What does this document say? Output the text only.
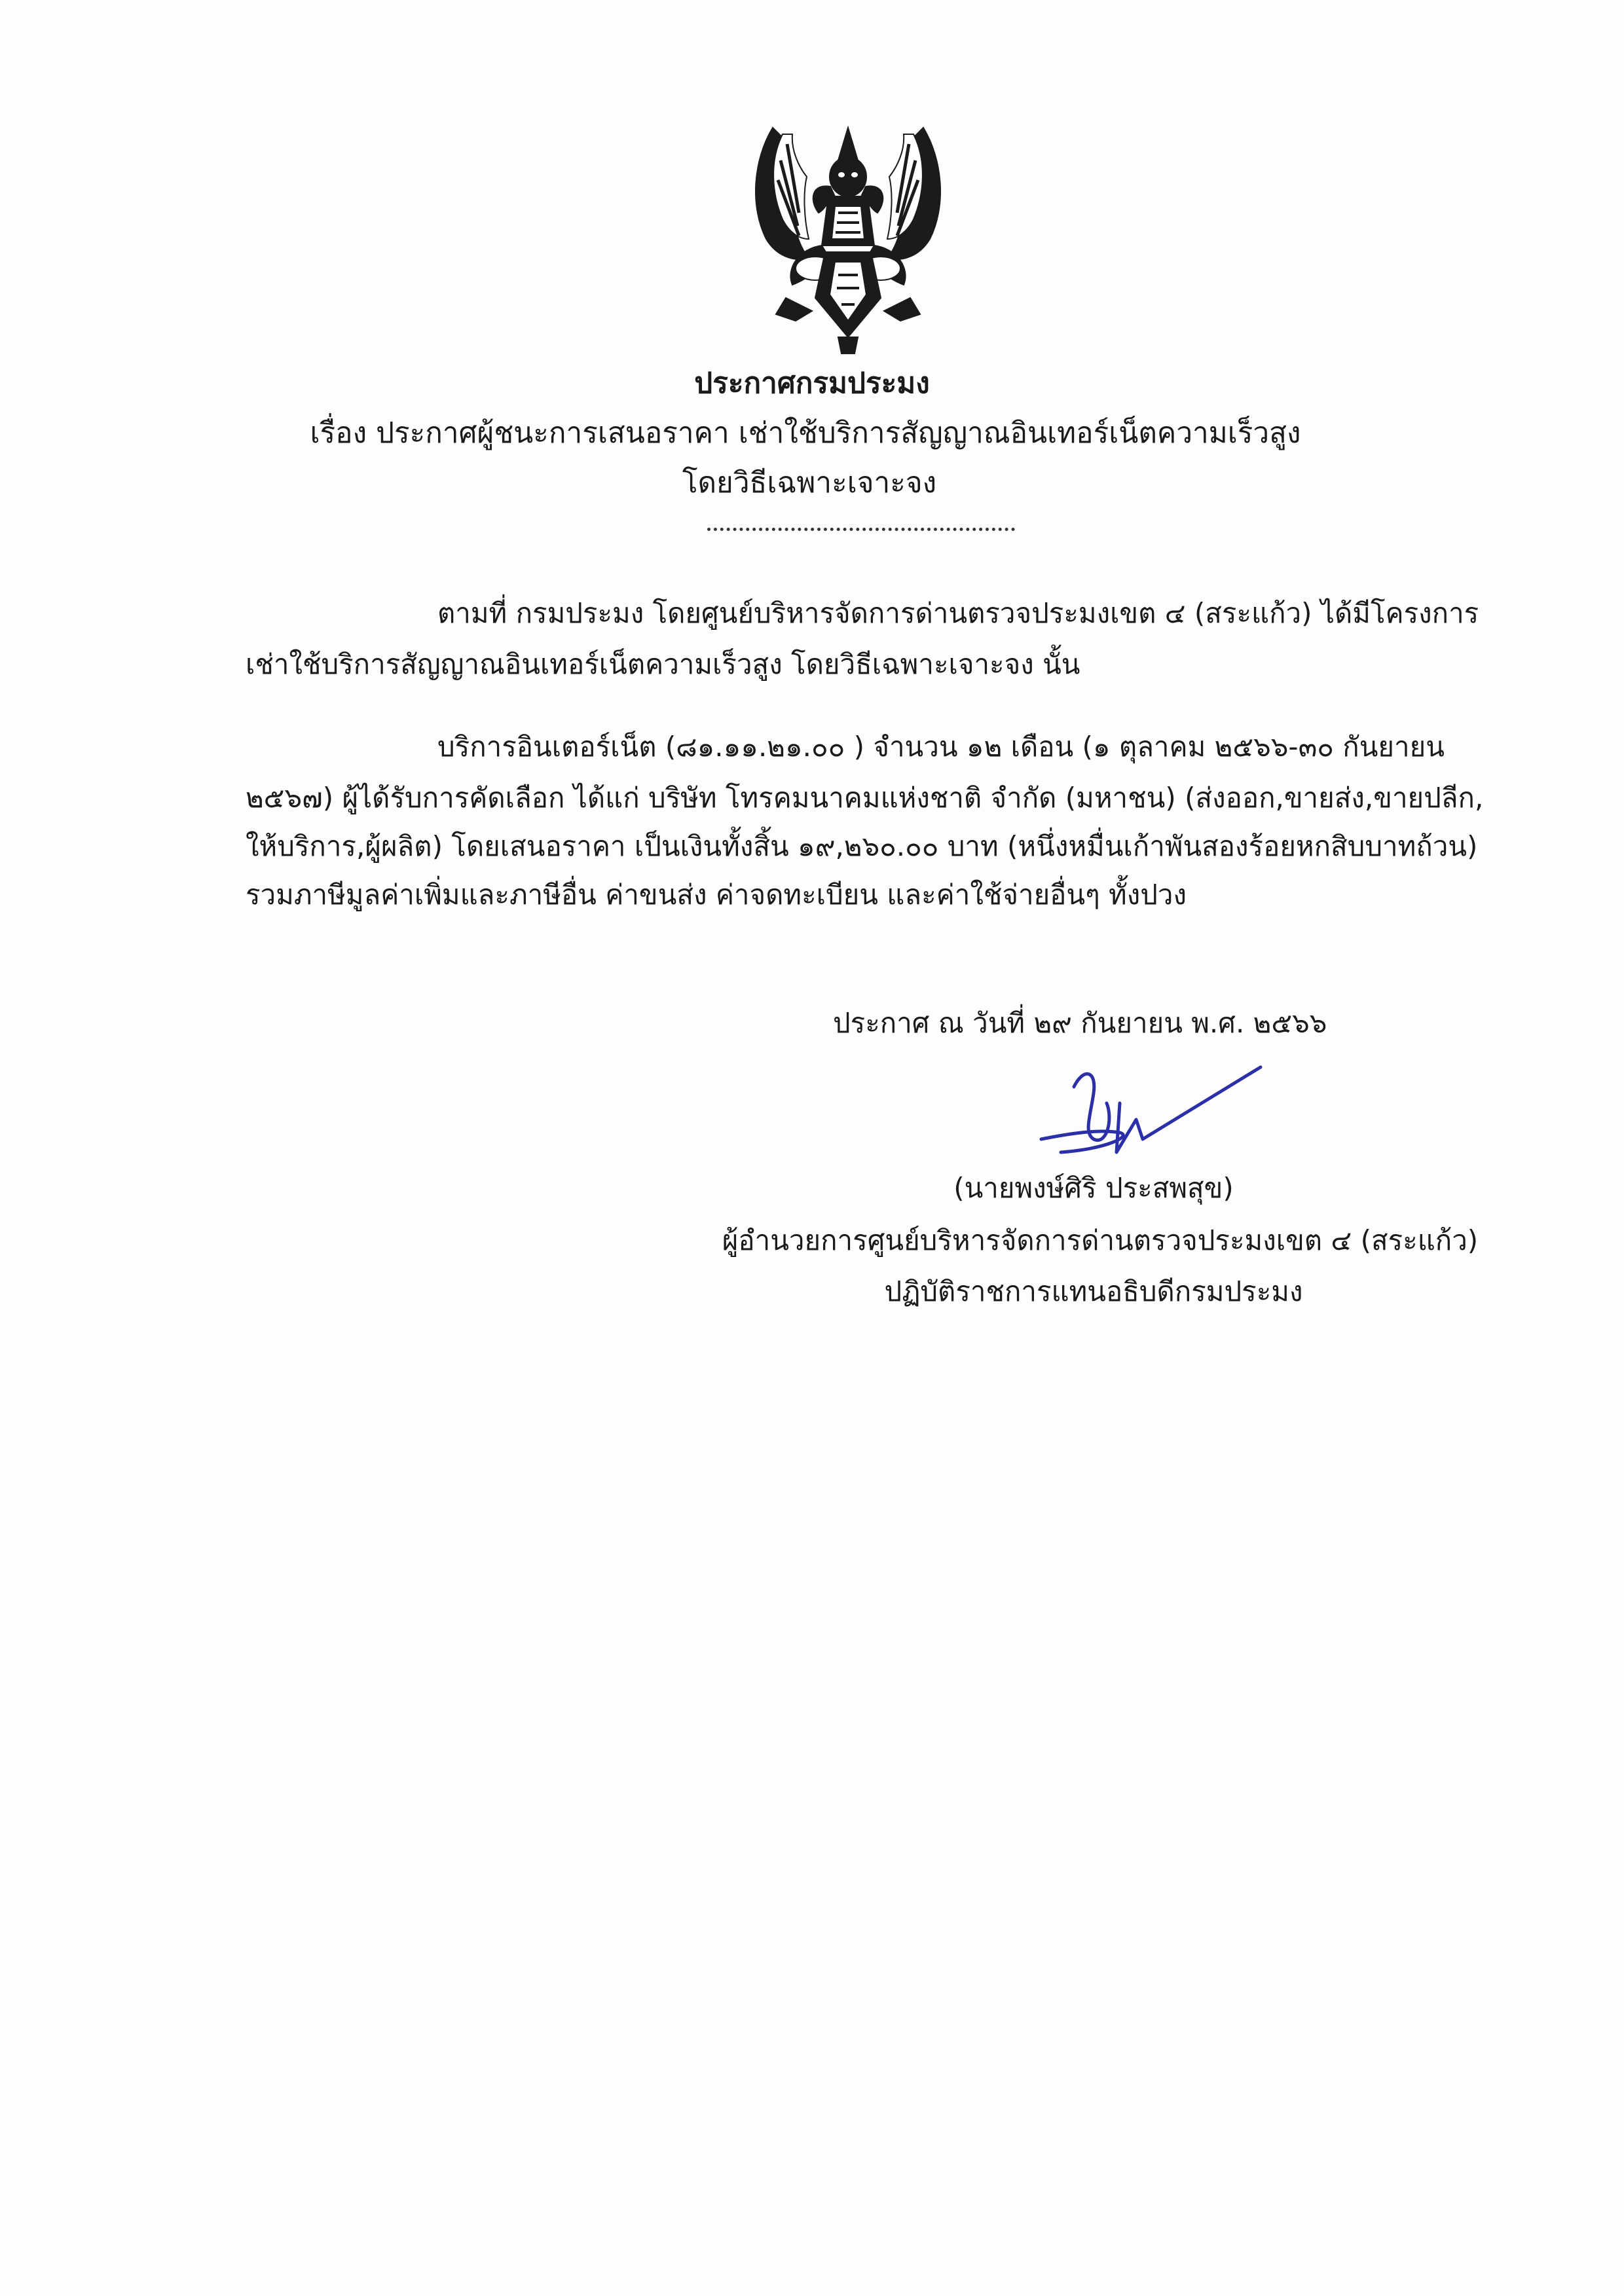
ประกาศกรมประมง
เรื่อง ประกาศผู้ชนะการเสนอราคา เช่าใช้บริการสัญญาณอินเทอร์เน็ตความเร็วสูง
โดยวิธีเฉพาะเจาะจง
ตามที่ กรมประมง โดยศูนย์บริหารจัดการด่านตรวจประมงเขต ๔ (สระแก้ว) ได้มีโครงการ
เช่าใช้บริการสัญญาณอินเทอร์เน็ตความเร็วสูง โดยวิธีเฉพาะเจาะจง นั้น
บริการอินเตอร์เน็ต (๘๑.๑๑.๒๑.๐๐ ) จำนวน ๑๒ เดือน (๑ ตุลาคม ๒๕๖๖-๓๐ กันยายน
๒๕๖๗) ผู้ได้รับการคัดเลือก ได้แก่ บริษัท โทรคมนาคมแห่งชาติ จำกัด (มหาชน) (ส่งออก,ขายส่ง,ขายปลีก,
ให้บริการ,ผู้ผลิต) โดยเสนอราคา เป็นเงินทั้งสิ้น ๑๙,๒๖๐.๐๐ บาท (หนึ่งหมื่นเก้าพันสองร้อยหกสิบบาทถ้วน)
รวมภาษีมูลค่าเพิ่มและภาษีอื่น ค่าขนส่ง ค่าจดทะเบียน และค่าใช้จ่ายอื่นๆ ทั้งปวง
ประกาศ ณ วันที่ ๒๙ กันยายน พ.ศ. ๒๕๖๖
(นายพงษ์ศิริ ประสพสุข)
ผู้อำนวยการศูนย์บริหารจัดการด่านตรวจประมงเขต ๔ (สระแก้ว)
ปฏิบัติราชการแทนอธิบดีกรมประมง
